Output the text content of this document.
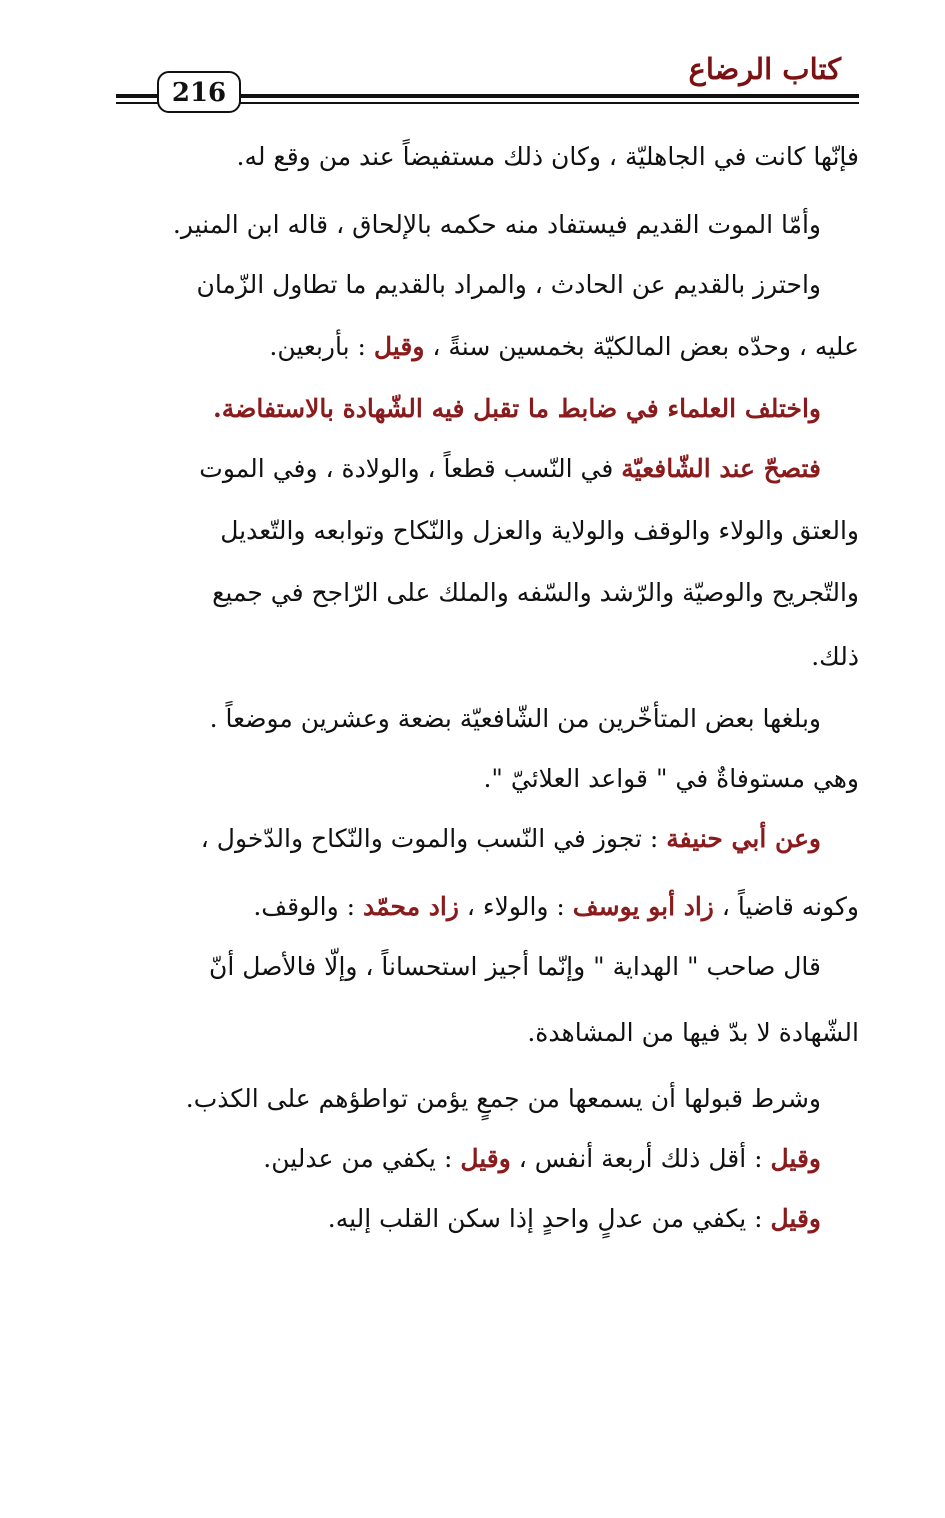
كتاب الرضاع
216
فإنّها كانت في الجاهليّة ، وكان ذلك مستفيضاً عند من وقع له.
وأمّا الموت القديم فيستفاد منه حكمه بالإلحاق ، قاله ابن المنير.
واحترز بالقديم عن الحادث ، والمراد بالقديم ما تطاول الزّمان
عليه ، وحدّه بعض المالكيّة بخمسين سنةً ، وقيل : بأربعين.
واختلف العلماء في ضابط ما تقبل فيه الشّهادة بالاستفاضة.
فتصحّ عند الشّافعيّة في النّسب قطعاً ، والولادة ، وفي الموت
والعتق والولاء والوقف والولاية والعزل والنّكاح وتوابعه والتّعديل
والتّجريح والوصيّة والرّشد والسّفه والملك على الرّاجح في جميع
ذلك.
وبلغها بعض المتأخّرين من الشّافعيّة بضعة وعشرين موضعاً .
وهي مستوفاةٌ في " قواعد العلائيّ ".
وعن أبي حنيفة : تجوز في النّسب والموت والنّكاح والدّخول ،
وكونه قاضياً ، زاد أبو يوسف : والولاء ، زاد محمّد : والوقف.
قال صاحب " الهداية " وإنّما أجيز استحساناً ، وإلّا فالأصل أنّ
الشّهادة لا بدّ فيها من المشاهدة.
وشرط قبولها أن يسمعها من جمعٍ يؤمن تواطؤهم على الكذب.
وقيل : أقل ذلك أربعة أنفس ، وقيل : يكفي من عدلين.
وقيل : يكفي من عدلٍ واحدٍ إذا سكن القلب إليه.
